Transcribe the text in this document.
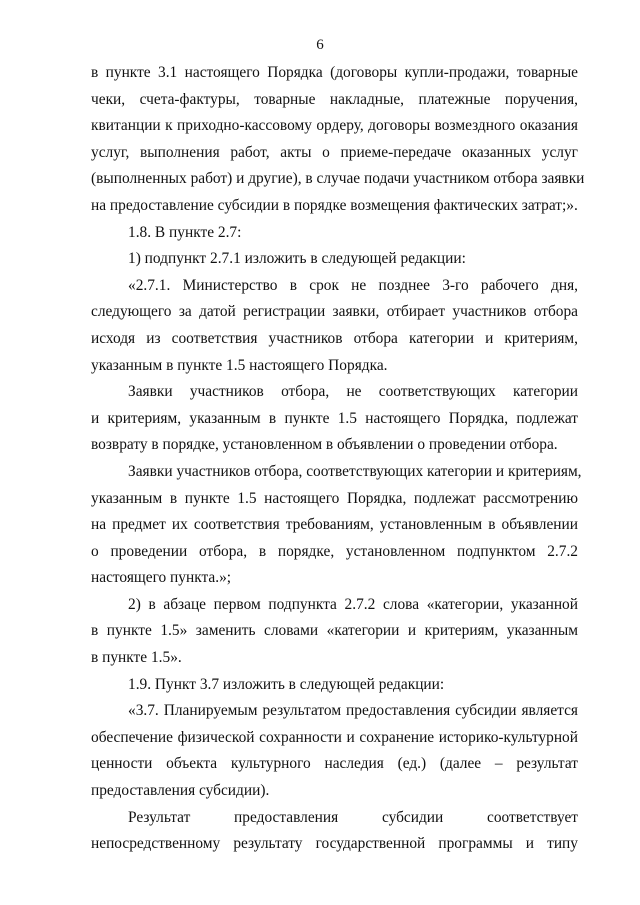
6

в пункте 3.1 настоящего Порядка (договоры купли-продажи, товарные
чеки, счета-фактуры, товарные накладные, платежные поручения,
квитанции к приходно-кассовому ордеру, договоры возмездного оказания
услуг, выполнения работ, акты о приеме-передаче оказанных услуг
(выполненных работ) и другие), в случае подачи участником отбора заявки
на предоставление субсидии в порядке возмещения фактических затрат;».

1.8. В пункте 2.7:

1) подпункт 2.7.1 изложить в следующей редакции:

«2.7.1. Министерство в срок не позднее 3-го рабочего дня,
следующего за датой регистрации заявки, отбирает участников отбора
исходя из соответствия участников отбора категории и критериям,
указанным в пункте 1.5 настоящего Порядка.

Заявки участников отбора, не соответствующих категории
и критериям, указанным в пункте 1.5 настоящего Порядка, подлежат
возврату в порядке, установленном в объявлении о проведении отбора.

Заявки участников отбора, соответствующих категории и критериям,
указанным в пункте 1.5 настоящего Порядка, подлежат рассмотрению
на предмет их соответствия требованиям, установленным в объявлении
о проведении отбора, в порядке, установленном подпунктом 2.7.2
настоящего пункта.»;

2) в абзаце первом подпункта 2.7.2 слова «категории, указанной
в пункте 1.5» заменить словами «категории и критериям, указанным
в пункте 1.5».

1.9. Пункт 3.7 изложить в следующей редакции:

«3.7. Планируемым результатом предоставления субсидии является
обеспечение физической сохранности и сохранение историко-культурной
ценности объекта культурного наследия (ед.) (далее – результат
предоставления субсидии).

Результат предоставления субсидии соответствует
непосредственному результату государственной программы и типу
